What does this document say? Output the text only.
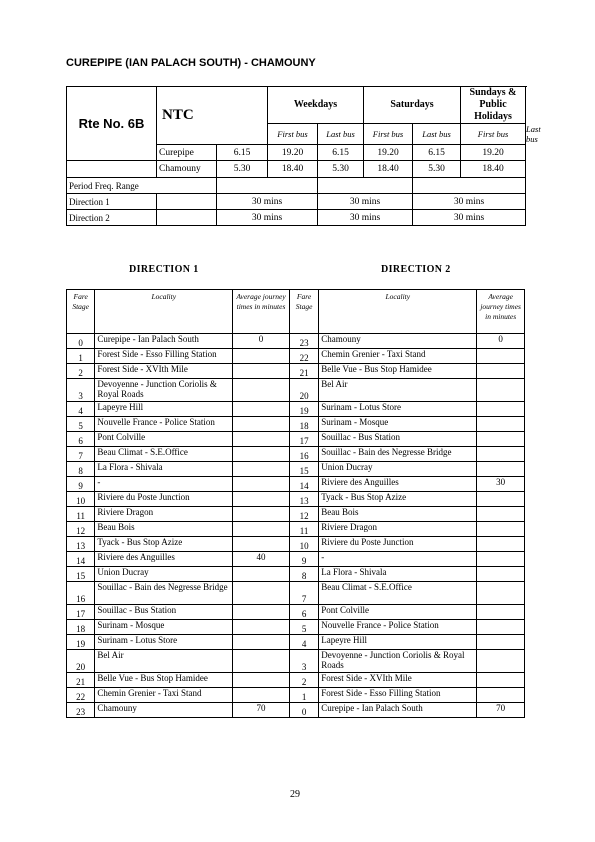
CUREPIPE (IAN PALACH SOUTH) - CHAMOUNY
Rte No. 6B	NTC		Weekdays		Saturdays		Sundays & Public Holidays	
			First bus	Last bus	First bus	Last bus	First bus	Last bus
	Curepipe	6.15	19.20	6.15	19.20	6.15	19.20	
	Chamouny	5.30	18.40	5.30	18.40	5.30	18.40	
Period Freq. Range								
Direction 1		30 mins		30 mins		30 mins		
Direction 2		30 mins		30 mins		30 mins		
DIRECTION 1	DIRECTION 2
Fare Stage	Locality	Average journey times in minutes	Fare Stage	Locality	Average journey times in minutes
0	Curepipe - Ian Palach South	0	23	Chamouny	0
1	Forest Side - Esso Filling Station		22	Chemin Grenier - Taxi Stand	
2	Forest Side - XVIth Mile		21	Belle Vue - Bus Stop Hamidee	
3	Devoyenne - Junction Coriolis & Royal Roads		20	Bel Air	
4	Lapeyre Hill		19	Surinam - Lotus Store	
5	Nouvelle France - Police Station		18	Surinam - Mosque	
6	Pont Colville		17	Souillac - Bus Station	
7	Beau Climat - S.E.Office		16	Souillac - Bain des Negresse Bridge	
8	La Flora - Shivala		15	Union Ducray	
9	-		14	Riviere des Anguilles	30
10	Riviere du Poste Junction		13	Tyack - Bus Stop Azize	
11	Riviere Dragon		12	Beau Bois	
12	Beau Bois		11	Riviere Dragon	
13	Tyack - Bus Stop Azize		10	Riviere du Poste Junction	
14	Riviere des Anguilles	40	9	-	
15	Union Ducray		8	La Flora - Shivala	
16	Souillac - Bain des Negresse Bridge		7	Beau Climat - S.E.Office	
17	Souillac - Bus Station		6	Pont Colville	
18	Surinam - Mosque		5	Nouvelle France - Police Station	
19	Surinam - Lotus Store		4	Lapeyre Hill	
20	Bel Air		3	Devoyenne - Junction Coriolis & Royal Roads	
21	Belle Vue - Bus Stop Hamidee		2	Forest Side - XVIth Mile	
22	Chemin Grenier - Taxi Stand		1	Forest Side - Esso Filling Station	
23	Chamouny	70	0	Curepipe - Ian Palach South	70
29
